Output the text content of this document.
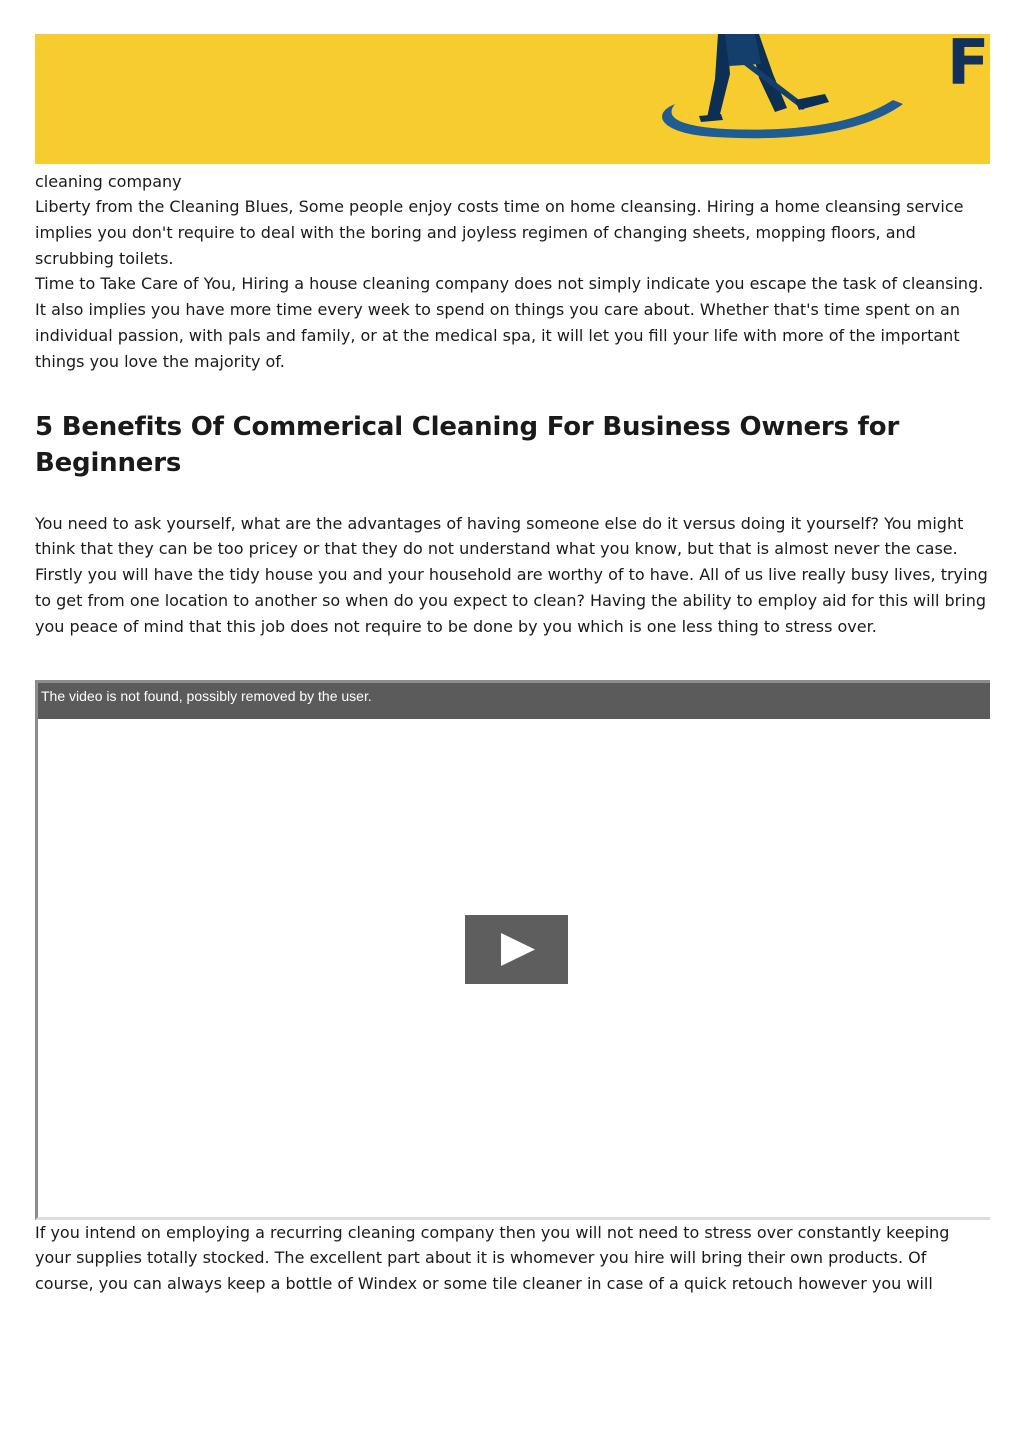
F
cleaning company

Liberty from the Cleaning Blues, Some people enjoy costs time on home cleansing. Hiring a home cleansing service implies you don't require to deal with the boring and joyless regimen of changing sheets, mopping floors, and scrubbing toilets.

Time to Take Care of You, Hiring a house cleaning company does not simply indicate you escape the task of cleansing. It also implies you have more time every week to spend on things you care about. Whether that's time spent on an individual passion, with pals and family, or at the medical spa, it will let you fill your life with more of the important things you love the majority of.

5 Benefits Of Commerical Cleaning For Business Owners for Beginners

You need to ask yourself, what are the advantages of having someone else do it versus doing it yourself? You might think that they can be too pricey or that they do not understand what you know, but that is almost never the case.

Firstly you will have the tidy house you and your household are worthy of to have. All of us live really busy lives, trying to get from one location to another so when do you expect to clean? Having the ability to employ aid for this will bring you peace of mind that this job does not require to be done by you which is one less thing to stress over.

The video is not found, possibly removed by the user.

If you intend on employing a recurring cleaning company then you will not need to stress over constantly keeping your supplies totally stocked. The excellent part about it is whomever you hire will bring their own products. Of course, you can always keep a bottle of Windex or some tile cleaner in case of a quick retouch however you will
